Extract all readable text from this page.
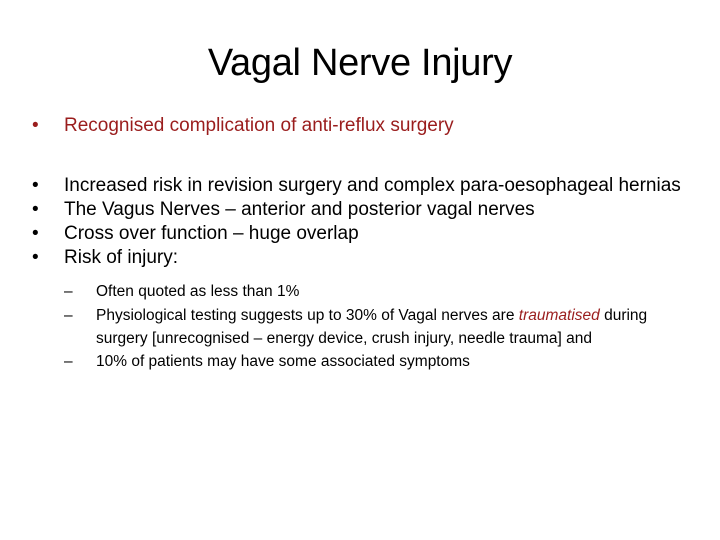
Vagal Nerve Injury
• Recognised complication of anti-reflux surgery
• Increased risk in revision surgery and complex para-oesophageal hernias
• The Vagus Nerves – anterior and posterior vagal nerves
• Cross over function – huge overlap
• Risk of injury:
– Often quoted as less than 1%
– Physiological testing suggests up to 30% of Vagal nerves are traumatised during surgery [unrecognised – energy device, crush injury, needle trauma] and
– 10% of patients may have some associated symptoms
